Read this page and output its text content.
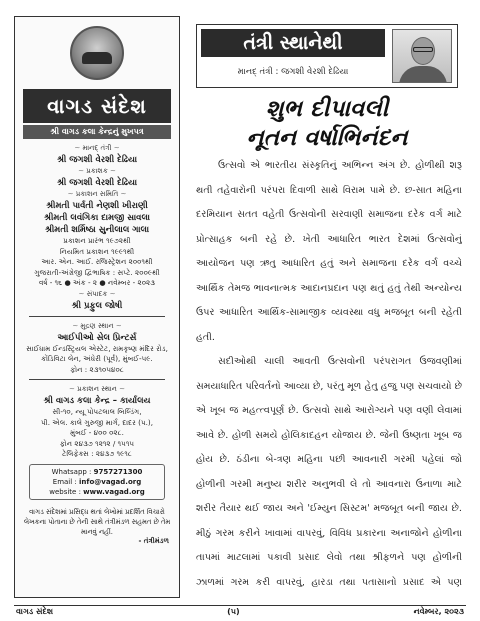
વાગડ સંદેશ
શ્રી વાગડ કલા કેન્દ્રનું મુખપત્ર
~ માનદ્ તંત્રી ~
શ્રી જગશી વેરશી દેઢિયા
~ પ્રકાશક ~
શ્રી જગશી વેરશી દેઢિયા
~ પ્રકાશન સમિતિ ~
શ્રીમતી પાર્વતી નેણશી ખીરાણી
શ્રીમતી લવંગિકા દામજી સાવલા
શ્રીમતી શર્મિષ્ઠા સુનીલાલ ગાલા
પ્રકાશન પ્રારંભ ૧૯૭૨થી
નિયમિત પ્રકાશન ૧૯૯૧થી
આર. એન. આઈ. રજિસ્ટ્રેશન ૨૦૦૧થી
ગુજરાતી-અંગ્રેજી દ્વિભાષિક : સપ્ટે. ૨૦૦૯થી
વર્ષ - ૧૬ ● અંક - ૨ ● નવેમ્બર - ૨૦૨૩
~ સંપાદક ~
શ્રી પ્રફુલ જોષી
~ મુદ્રણ સ્થાન ~
આઈપીઓ સેલ પ્રિન્ટર્સ
સાઈધામ ઈન્ડસ્ટ્રિયલ એસ્ટેટ, રામકૃષ્ણ મંદિર રોડ,
કોંડિવિટા લેન, અંધેરી (પૂર્વ), મુંબઈ-૫૯.
ફોન : ૨૩૧૦૫૪૦૮
~ પ્રકાશન સ્થાન ~
શ્રી વાગડ કલા કેન્દ્ર – કાર્યાલય
સી-૧૦, ન્યૂ પોપટલાલ બિલ્ડિંગ,
પી. એલ. કાલે ગુરુજી માર્ગ, દાદર (પ.),
મુંબઈ - ૪૦૦ ૦૨૮.
ફોન ૨૪૩૭ ૧૨૧૨ / ૧૫૧૫
ટેલિફેક્સ : ૨૪૩૭ ૧૯૧૮
Whatsapp : 9757271300
Email : info@vagad.org
website : www.vagad.org
વાગડ સંદેશમાં પ્રસિદ્ધ થતાં લેખોમાં પ્રદર્શિત વિચારો લેખકના પોતાના છે તેની સાથે તંત્રીમંડળ સહમત છે તેમ માનવું નહીં.
- તંત્રીમંડળ
તંત્રી સ્થાનેથી
માનદ્ તંત્રી : જગશી વેરશી દેઢિયા
શુભ દીપાવલી
નૂતન વર્ષાભિનંદન

ઉત્સવો એ ભારતીય સંસ્કૃતિનું અભિન્ન અંગ છે. હોળીથી શરૂ થતી તહેવારોની પરંપરા દિવાળી સાથે વિરામ પામે છે. છ-સાત મહિના દરમિયાન સતત વહેતી ઉત્સવોની સરવાણી સમાજના દરેક વર્ગ માટે પ્રોત્સાહક બની રહે છે. ખેતી આધારિત ભારત દેશમાં ઉત્સવોનું આયોજન પણ ઋતુ આધારિત હતું અને સમાજના દરેક વર્ગ વચ્ચે આર્થિક તેમજ ભાવનાત્મક આદાનપ્રદાન પણ થતું હતું તેથી અન્યોન્ય ઉપર આધારિત આર્થિક-સામાજીક વ્યવસ્થા વધુ મજબૂત બની રહેતી હતી.

સદીઓથી ચાલી આવતી ઉત્સવોની પરંપરાગત ઉજવણીમાં સમયાધારિત પરિવર્તનો આવ્યા છે, પરંતુ મૂળ હેતુ હજુ પણ સચવાયો છે એ ખૂબ જ મહત્ત્વપૂર્ણ છે. ઉત્સવો સાથે આરોગ્યને પણ વણી લેવામાં આવે છે. હોળી સમયે હોલિકાદહન યોજાય છે. જેની ઉષ્ણતા ખૂબ જ હોય છે. ઠંડીના બે-ત્રણ મહિના પછી આવનારી ગરમી પહેલાં જો હોળીની ગરમી મનુષ્ય શરીર અનુભવી લે તો આવનારા ઉનાળા માટે શરીર તૈયાર થઈ જાય અને 'ઈમ્યુન સિસ્ટમ' મજબૂત બની જાય છે. મીઠું ગરમ કરીને ખાવામાં વાપરવું, વિવિધ પ્રકારના અનાજોને હોળીના તાપમાં માટલામાં પકાવી પ્રસાદ લેવો તથા શ્રીફળને પણ હોળીની ઝાળમાં ગરમ કરી વાપરવું, હારડા તથા પતાસાનો પ્રસાદ એ પણ

વાગડ સંદેશ	(૫)	નવેમ્બર, ૨૦૨૩
